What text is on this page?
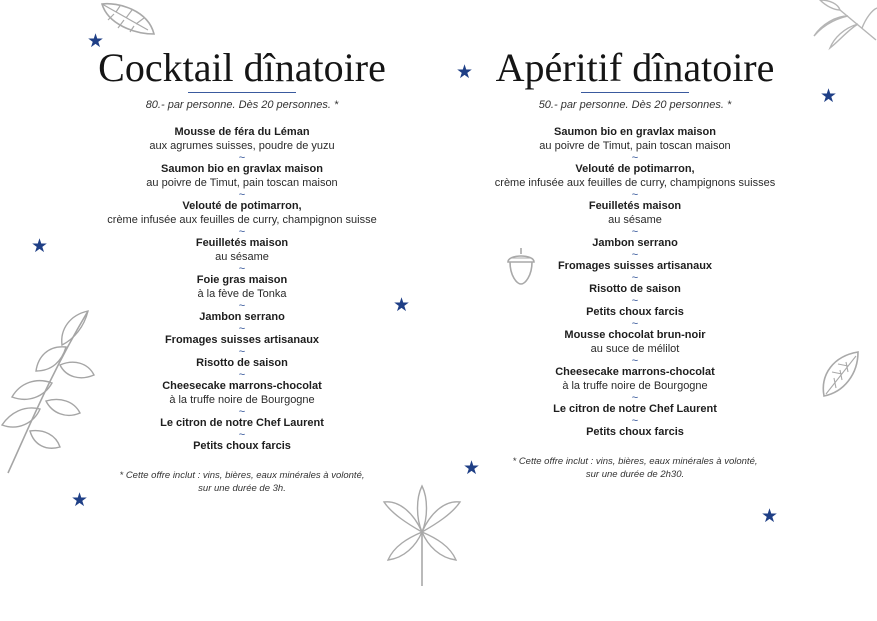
★
★
★
★
★
★
★
★
Cocktail dînatoire

80.- par personne. Dès 20 personnes. *

Mousse de féra du Léman
aux agrumes suisses, poudre de yuzu
~
Saumon bio en gravlax maison
au poivre de Timut, pain toscan maison
~
Velouté de potimarron,
crème infusée aux feuilles de curry, champignon suisse
~
Feuilletés maison
au sésame
~
Foie gras maison
à la fève de Tonka
~
Jambon serrano
~
Fromages suisses artisanaux
~
Risotto de saison
~
Cheesecake marrons-chocolat
à la truffe noire de Bourgogne
~
Le citron de notre Chef Laurent
~
Petits choux farcis
* Cette offre inclut : vins, bières, eaux minérales à volonté,
sur une durée de 3h.
Apéritif dînatoire

50.- par personne. Dès 20 personnes. *

Saumon bio en gravlax maison
au poivre de Timut, pain toscan maison
~
Velouté de potimarron,
crème infusée aux feuilles de curry, champignons suisses
~
Feuilletés maison
au sésame
~
Jambon serrano
~
Fromages suisses artisanaux
~
Risotto de saison
~
Petits choux farcis
~
Mousse chocolat brun-noir
au suce de mélilot
~
Cheesecake marrons-chocolat
à la truffe noire de Bourgogne
~
Le citron de notre Chef Laurent
~
Petits choux farcis
* Cette offre inclut : vins, bières, eaux minérales à volonté,
sur une durée de 2h30.
